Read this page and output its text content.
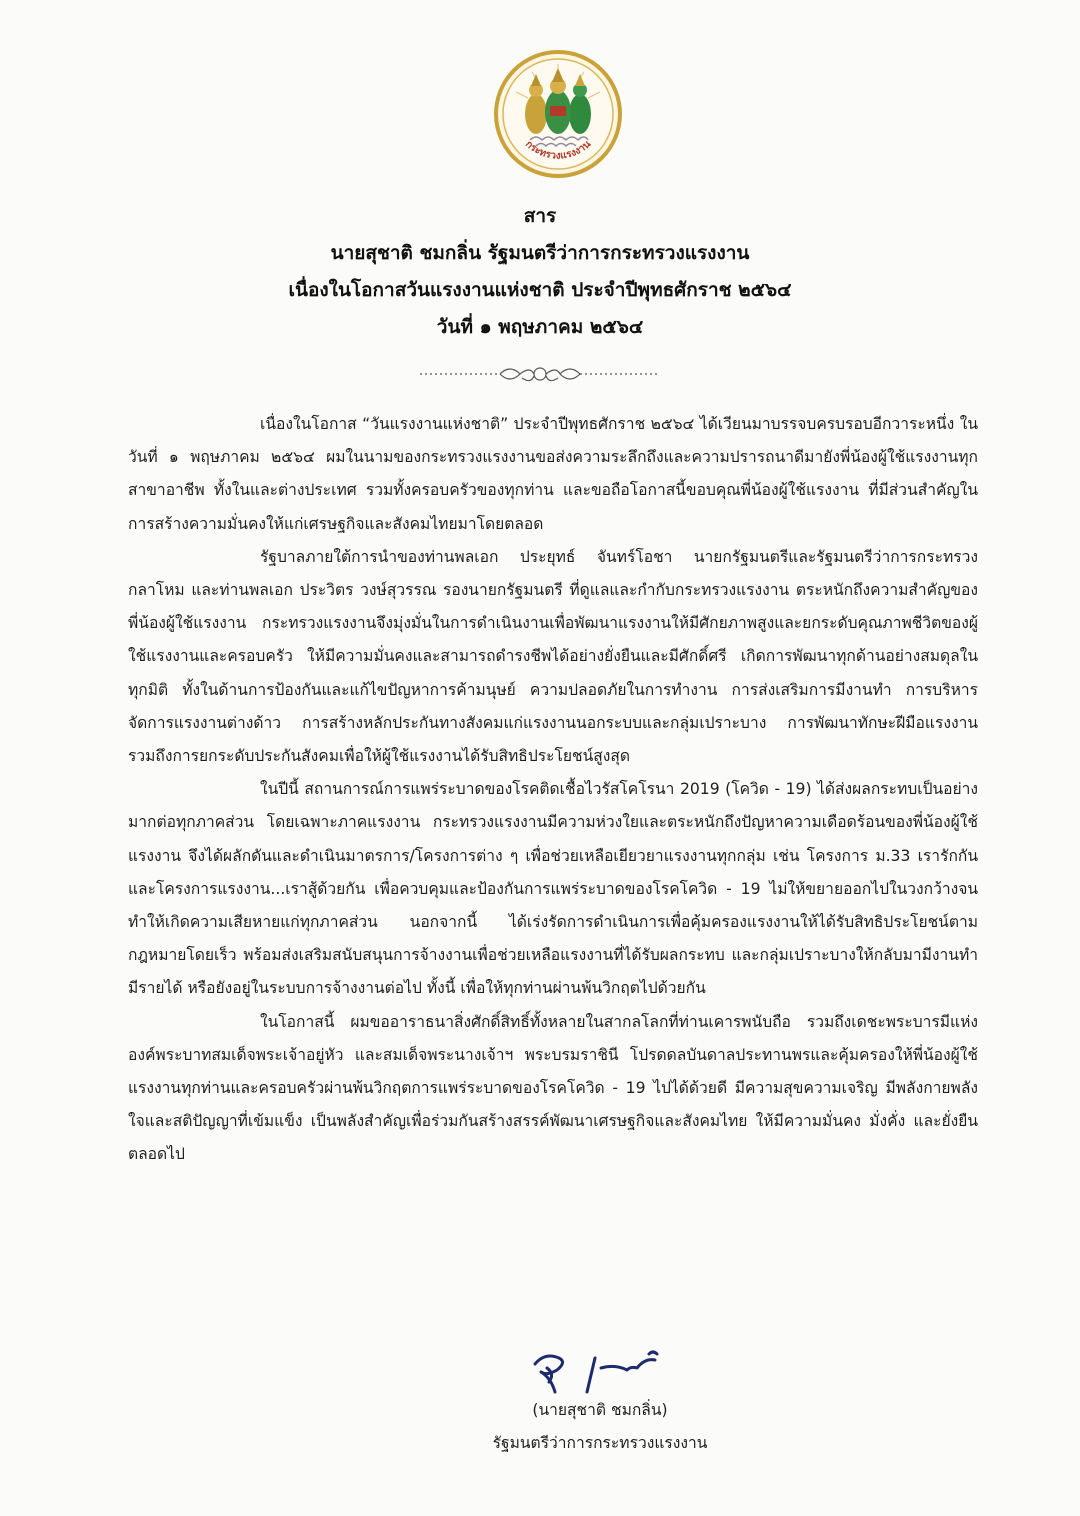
กระทรวงแรงงาน
สาร
นายสุชาติ ชมกลิ่น รัฐมนตรีว่าการกระทรวงแรงงาน
เนื่องในโอกาสวันแรงงานแห่งชาติ ประจำปีพุทธศักราช ๒๕๖๔
วันที่ ๑ พฤษภาคม ๒๕๖๔

เนื่องในโอกาส “วันแรงงานแห่งชาติ” ประจำปีพุทธศักราช ๒๕๖๔ ได้เวียนมาบรรจบครบรอบอีกวาระหนึ่ง ในวันที่ ๑ พฤษภาคม ๒๕๖๔ ผมในนามของกระทรวงแรงงานขอส่งความระลึกถึงและความปรารถนาดีมายังพี่น้องผู้ใช้แรงงานทุกสาขาอาชีพ ทั้งในและต่างประเทศ รวมทั้งครอบครัวของทุกท่าน และขอถือโอกาสนี้ขอบคุณพี่น้องผู้ใช้แรงงาน ที่มีส่วนสำคัญในการสร้างความมั่นคงให้แก่เศรษฐกิจและสังคมไทยมาโดยตลอด

รัฐบาลภายใต้การนำของท่านพลเอก ประยุทธ์ จันทร์โอชา นายกรัฐมนตรีและรัฐมนตรีว่าการกระทรวงกลาโหม และท่านพลเอก ประวิตร วงษ์สุวรรณ รองนายกรัฐมนตรี ที่ดูแลและกำกับกระทรวงแรงงาน ตระหนักถึงความสำคัญของพี่น้องผู้ใช้แรงงาน กระทรวงแรงงานจึงมุ่งมั่นในการดำเนินงานเพื่อพัฒนาแรงงานให้มีศักยภาพสูงและยกระดับคุณภาพชีวิตของผู้ใช้แรงงานและครอบครัว ให้มีความมั่นคงและสามารถดำรงชีพได้อย่างยั่งยืนและมีศักดิ์ศรี เกิดการพัฒนาทุกด้านอย่างสมดุลในทุกมิติ ทั้งในด้านการป้องกันและแก้ไขปัญหาการค้ามนุษย์ ความปลอดภัยในการทำงาน การส่งเสริมการมีงานทำ การบริหารจัดการแรงงานต่างด้าว การสร้างหลักประกันทางสังคมแก่แรงงานนอกระบบและกลุ่มเปราะบาง การพัฒนาทักษะฝีมือแรงงาน รวมถึงการยกระดับประกันสังคมเพื่อให้ผู้ใช้แรงงานได้รับสิทธิประโยชน์สูงสุด

ในปีนี้ สถานการณ์การแพร่ระบาดของโรคติดเชื้อไวรัสโคโรนา 2019 (โควิด - 19) ได้ส่งผลกระทบเป็นอย่างมากต่อทุกภาคส่วน โดยเฉพาะภาคแรงงาน กระทรวงแรงงานมีความห่วงใยและตระหนักถึงปัญหาความเดือดร้อนของพี่น้องผู้ใช้แรงงาน จึงได้ผลักดันและดำเนินมาตรการ/โครงการต่าง ๆ เพื่อช่วยเหลือเยียวยาแรงงานทุกกลุ่ม เช่น โครงการ ม.33 เรารักกัน และโครงการแรงงาน...เราสู้ด้วยกัน เพื่อควบคุมและป้องกันการแพร่ระบาดของโรคโควิด - 19 ไม่ให้ขยายออกไปในวงกว้างจนทำให้เกิดความเสียหายแก่ทุกภาคส่วน นอกจากนี้ ได้เร่งรัดการดำเนินการเพื่อคุ้มครองแรงงานให้ได้รับสิทธิประโยชน์ตามกฎหมายโดยเร็ว พร้อมส่งเสริมสนับสนุนการจ้างงานเพื่อช่วยเหลือแรงงานที่ได้รับผลกระทบ และกลุ่มเปราะบางให้กลับมามีงานทำมีรายได้ หรือยังอยู่ในระบบการจ้างงานต่อไป ทั้งนี้ เพื่อให้ทุกท่านผ่านพ้นวิกฤตไปด้วยกัน

ในโอกาสนี้ ผมขออาราธนาสิ่งศักดิ์สิทธิ์ทั้งหลายในสากลโลกที่ท่านเคารพนับถือ รวมถึงเดชะพระบารมีแห่งองค์พระบาทสมเด็จพระเจ้าอยู่หัว และสมเด็จพระนางเจ้าฯ พระบรมราชินี โปรดดลบันดาลประทานพรและคุ้มครองให้พี่น้องผู้ใช้แรงงานทุกท่านและครอบครัวผ่านพ้นวิกฤตการแพร่ระบาดของโรคโควิด - 19 ไปได้ด้วยดี มีความสุขความเจริญ มีพลังกายพลังใจและสติปัญญาที่เข้มแข็ง เป็นพลังสำคัญเพื่อร่วมกันสร้างสรรค์พัฒนาเศรษฐกิจและสังคมไทย ให้มีความมั่นคง มั่งคั่ง และยั่งยืนตลอดไป

(นายสุชาติ ชมกลิ่น)
รัฐมนตรีว่าการกระทรวงแรงงาน
